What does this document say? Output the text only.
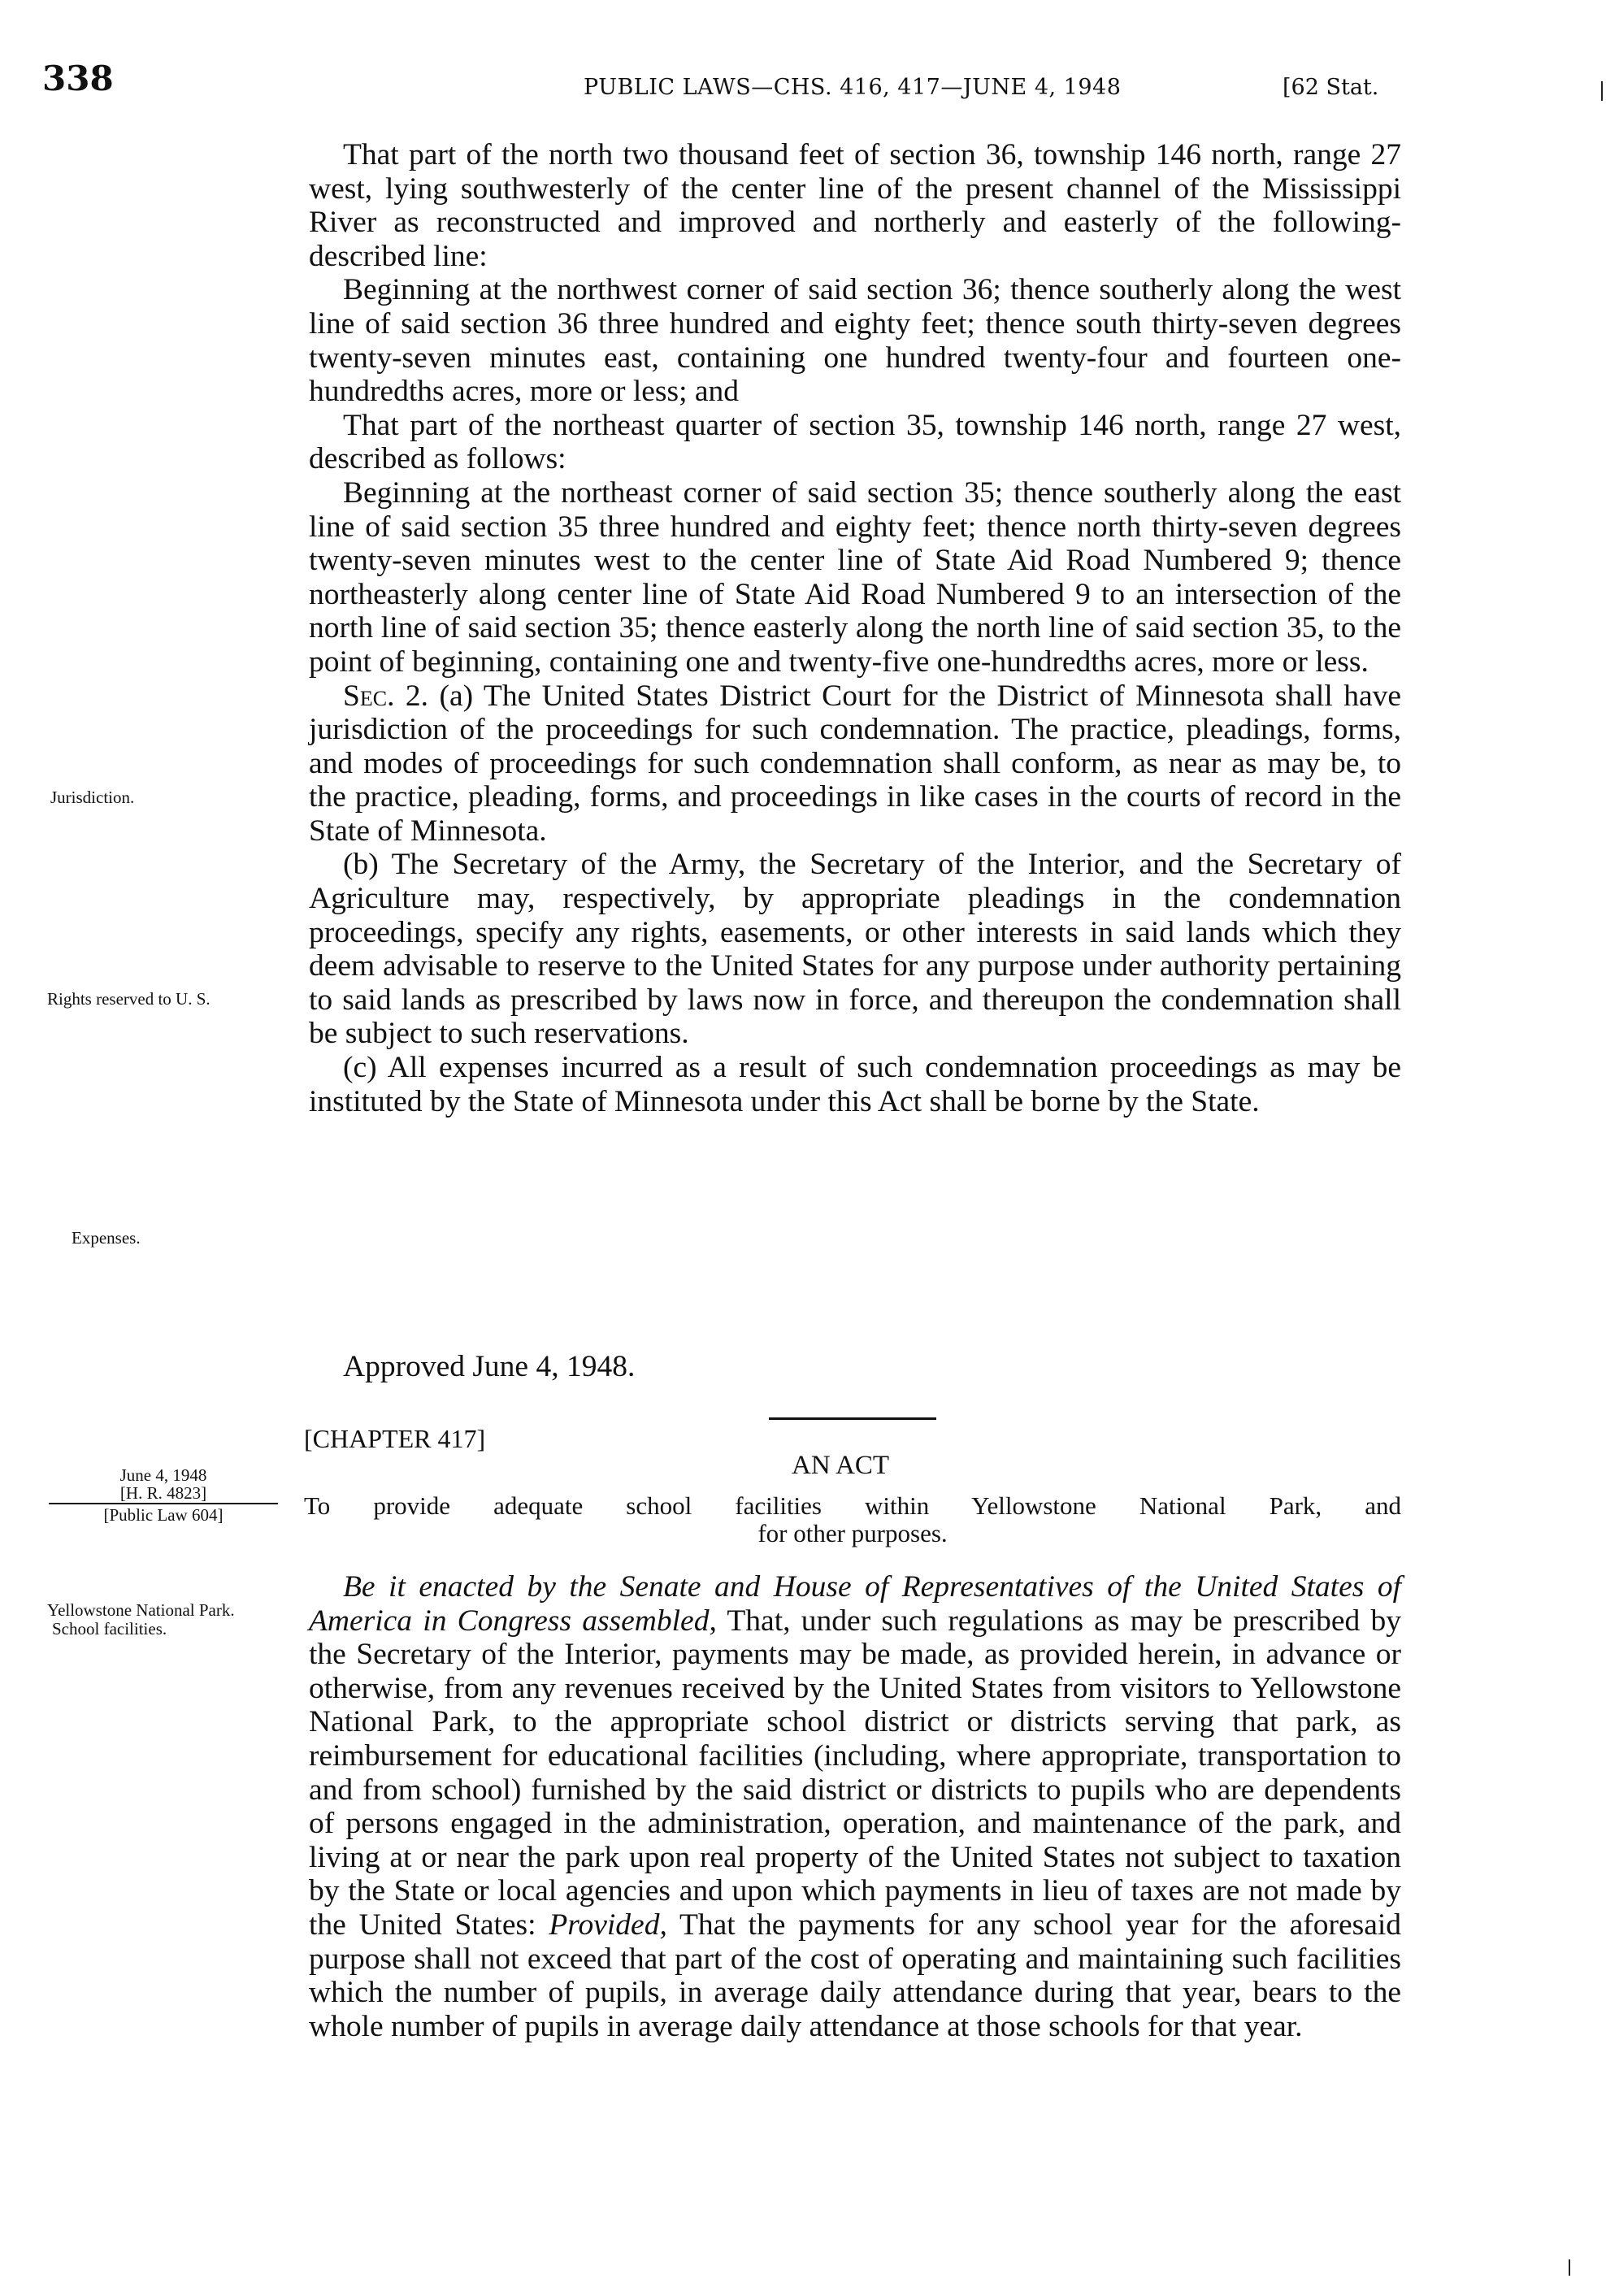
338	PUBLIC LAWS—CHS. 416, 417—JUNE 4, 1948	[62 Stat.

That part of the north two thousand feet of section 36, township 146 north, range 27 west, lying southwesterly of the center line of the present channel of the Mississippi River as reconstructed and improved and northerly and easterly of the following-described line:

Beginning at the northwest corner of said section 36; thence southerly along the west line of said section 36 three hundred and eighty feet; thence south thirty-seven degrees twenty-seven minutes east, containing one hundred twenty-four and fourteen one-hundredths acres, more or less; and

That part of the northeast quarter of section 35, township 146 north, range 27 west, described as follows:

Beginning at the northeast corner of said section 35; thence southerly along the east line of said section 35 three hundred and eighty feet; thence north thirty-seven degrees twenty-seven minutes west to the center line of State Aid Road Numbered 9; thence northeasterly along center line of State Aid Road Numbered 9 to an intersection of the north line of said section 35; thence easterly along the north line of said section 35, to the point of beginning, containing one and twenty-five one-hundredths acres, more or less.

Sec. 2. (a) The United States District Court for the District of Minnesota shall have jurisdiction of the proceedings for such condemnation. The practice, pleadings, forms, and modes of proceedings for such condemnation shall conform, as near as may be, to the practice, pleading, forms, and proceedings in like cases in the courts of record in the State of Minnesota.

(b) The Secretary of the Army, the Secretary of the Interior, and the Secretary of Agriculture may, respectively, by appropriate pleadings in the condemnation proceedings, specify any rights, easements, or other interests in said lands which they deem advisable to reserve to the United States for any purpose under authority pertaining to said lands as prescribed by laws now in force, and thereupon the condemnation shall be subject to such reservations.

(c) All expenses incurred as a result of such condemnation proceedings as may be instituted by the State of Minnesota under this Act shall be borne by the State.

Approved June 4, 1948.
[CHAPTER 417]
AN ACT
To provide adequate school facilities within Yellowstone National Park, and
for other purposes.

Be it enacted by the Senate and House of Representatives of the United States of America in Congress assembled, That, under such regulations as may be prescribed by the Secretary of the Interior, payments may be made, as provided herein, in advance or otherwise, from any revenues received by the United States from visitors to Yellowstone National Park, to the appropriate school district or districts serving that park, as reimbursement for educational facilities (including, where appropriate, transportation to and from school) furnished by the said district or districts to pupils who are dependents of persons engaged in the administration, operation, and maintenance of the park, and living at or near the park upon real property of the United States not subject to taxation by the State or local agencies and upon which payments in lieu of taxes are not made by the United States: Provided, That the payments for any school year for the aforesaid purpose shall not exceed that part of the cost of operating and maintaining such facilities which the number of pupils, in average daily attendance during that year, bears to the whole number of pupils in average daily attendance at those schools for that year.

Jurisdiction.
Rights reserved to U. S.
Expenses.
Yellowstone National Park.
School facilities.
June 4, 1948
[H. R. 4823]
[Public Law 604]
